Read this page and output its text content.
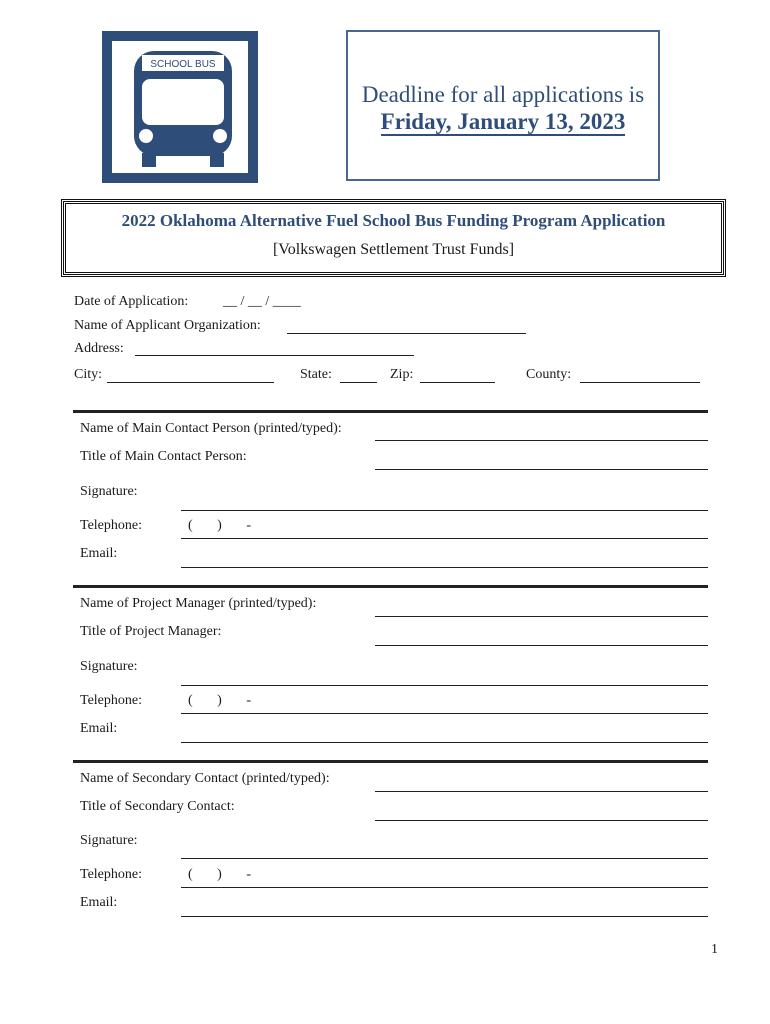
SCHOOL BUS
Deadline for all applications is
Friday, January 13, 2023
2022 Oklahoma Alternative Fuel School Bus Funding Program Application
[Volkswagen Settlement Trust Funds]
Date of Application: __ / __ / ____
Name of Applicant Organization:
Address:
City:	State:	Zip:	County:
Name of Main Contact Person (printed/typed):
Title of Main Contact Person:
Signature:
Telephone:	(       )       -
Email:
Name of Project Manager (printed/typed):
Title of Project Manager:
Signature:
Telephone:	(       )       -
Email:
Name of Secondary Contact (printed/typed):
Title of Secondary Contact:
Signature:
Telephone:	(       )       -
Email:
1
